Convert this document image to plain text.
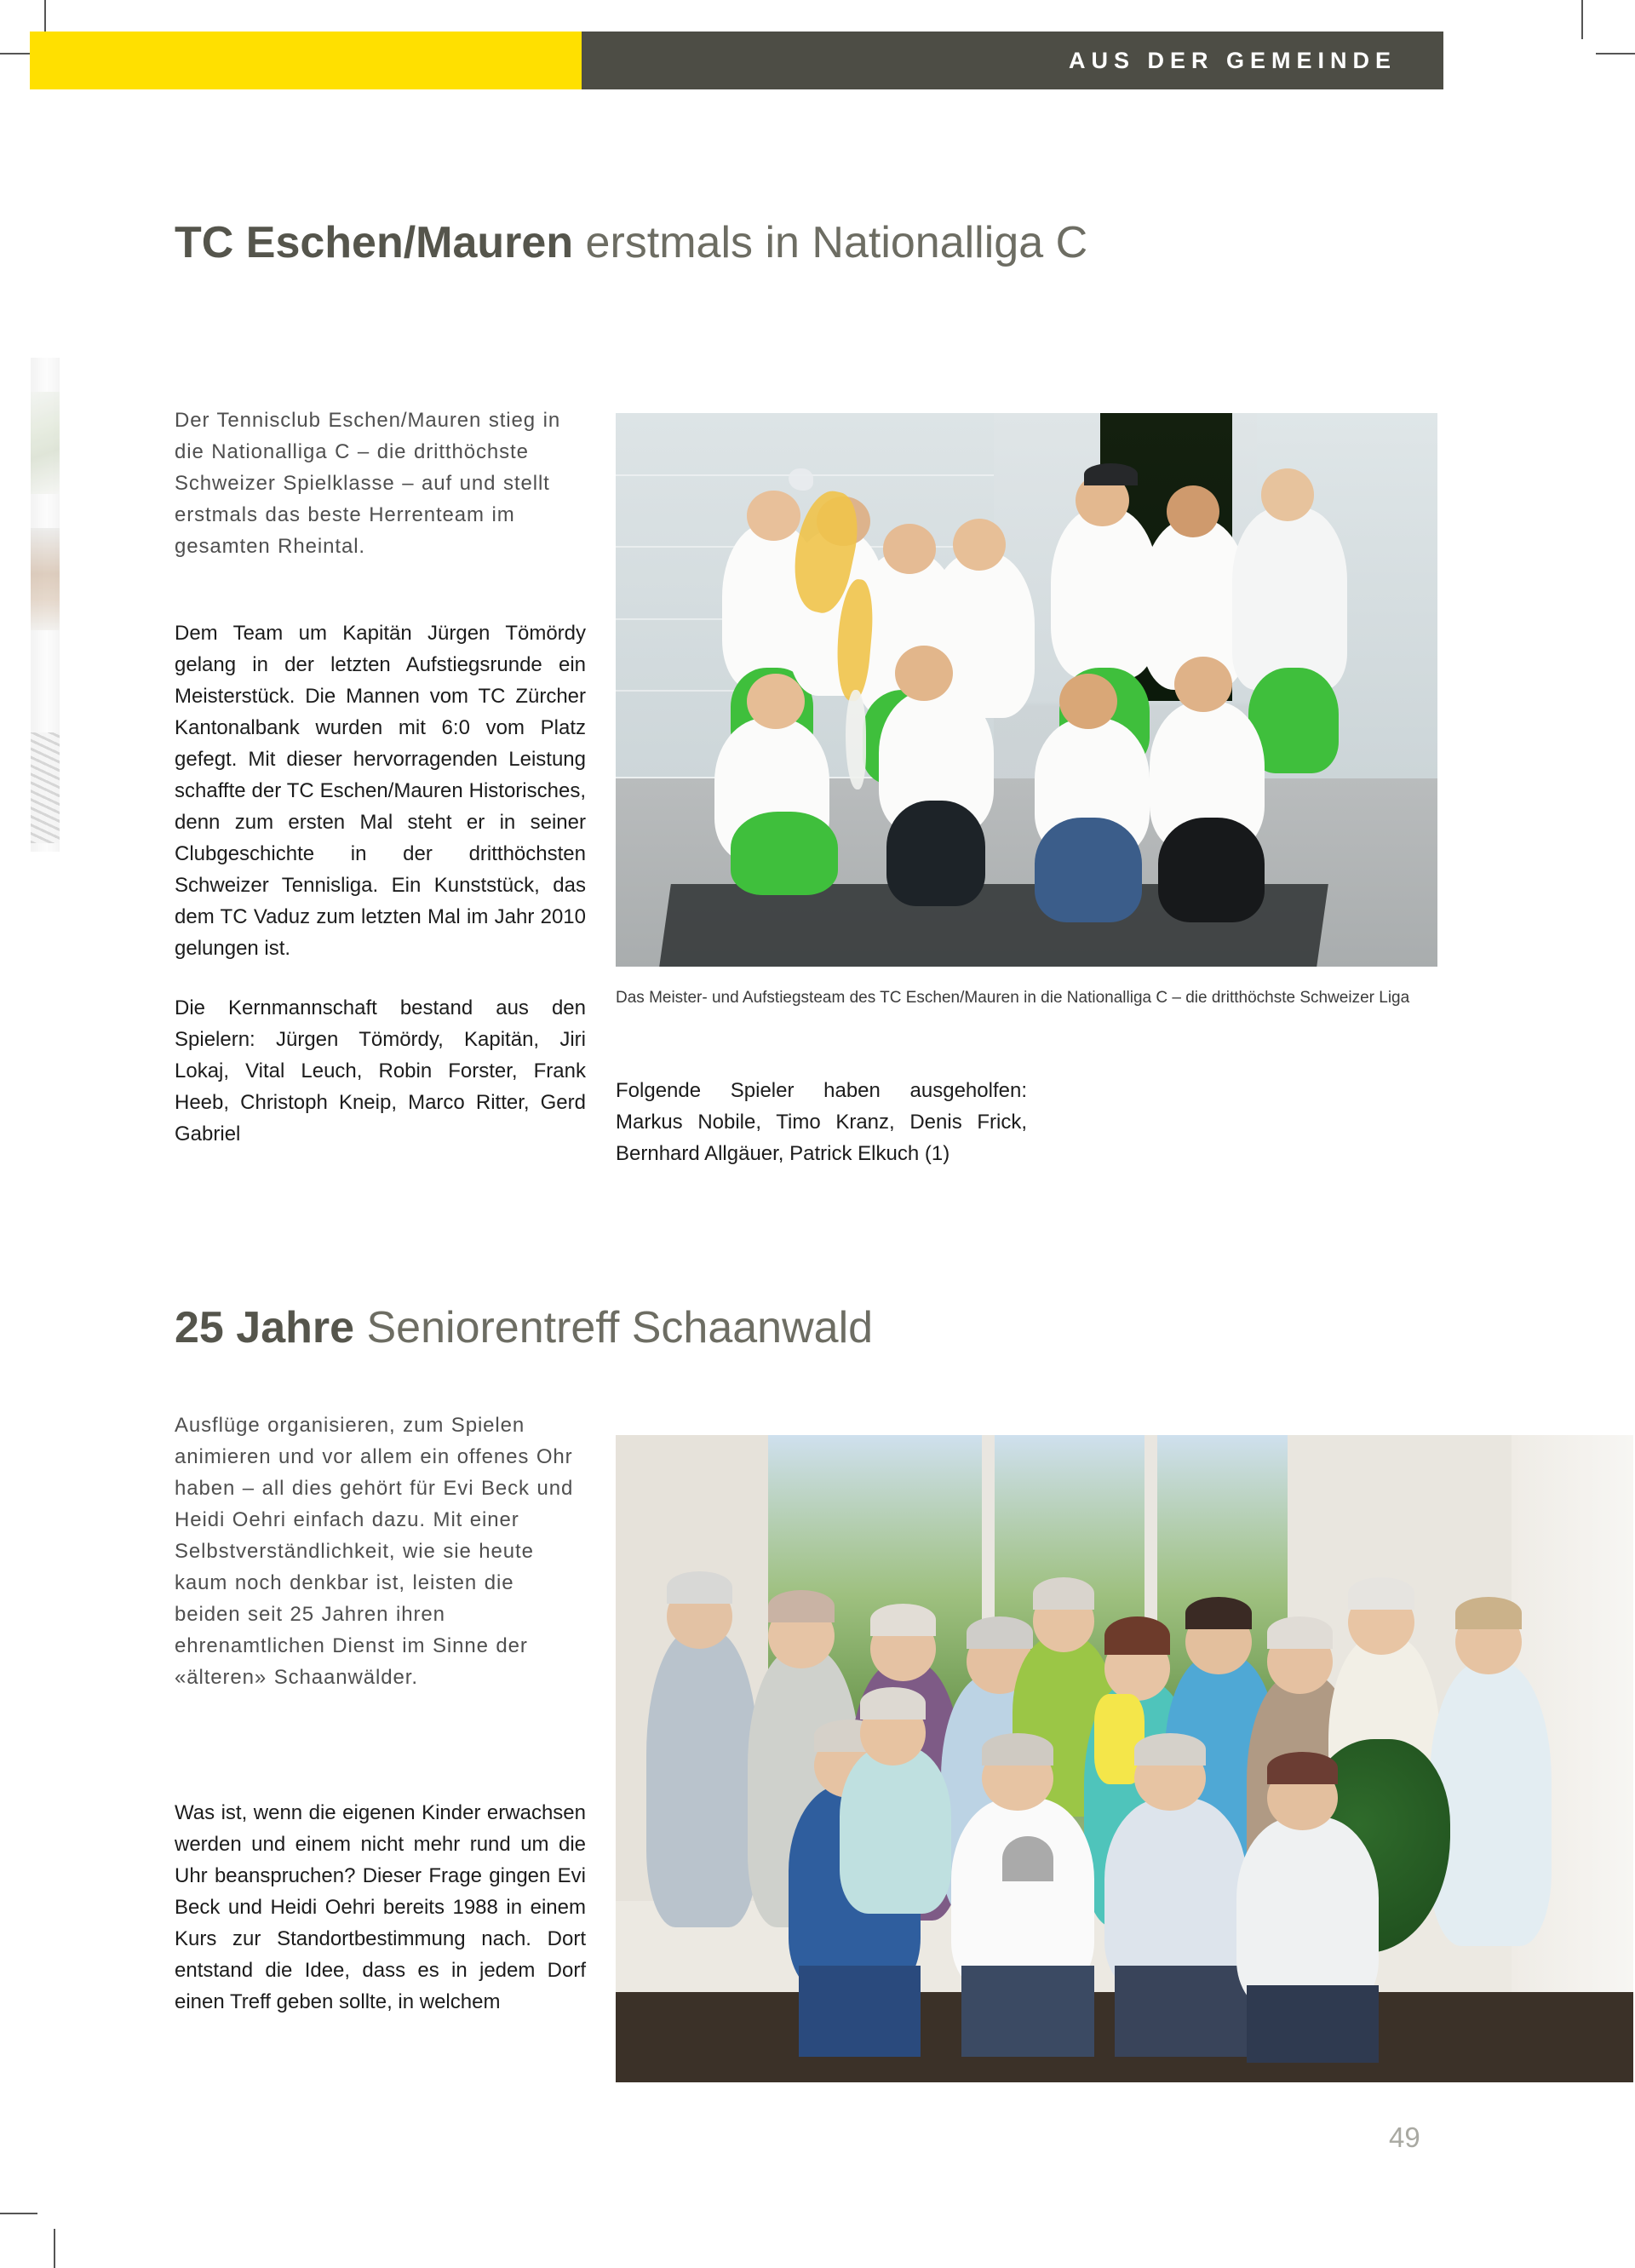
AUS DER GEMEINDE
TC Eschen/Mauren erstmals in Nationalliga C

Der Tennisclub Eschen/Mauren stieg in die Nationalliga C – die dritthöchste Schweizer Spielklasse – auf und stellt erstmals das beste Herrenteam im gesamten Rheintal.

Dem Team um Kapitän Jürgen Tömördy gelang in der letzten Aufstiegsrunde ein Meisterstück. Die Mannen vom TC Zürcher Kantonalbank wurden mit 6:0 vom Platz gefegt. Mit dieser hervorragenden Leistung schaffte der TC Eschen/Mauren Historisches, denn zum ersten Mal steht er in seiner Clubgeschichte in der dritthöchsten Schweizer Tennisliga. Ein Kunststück, das dem TC Vaduz zum letzten Mal im Jahr 2010 gelungen ist.

Die Kernmannschaft bestand aus den Spielern: Jürgen Tömördy, Kapitän, Jiri Lokaj, Vital Leuch, Robin Forster, Frank Heeb, Christoph Kneip, Marco Ritter, Gerd Gabriel

Das Meister- und Aufstiegsteam des TC Eschen/Mauren in die Nationalliga C – die dritthöchste Schweizer Liga

Folgende Spieler haben ausgeholfen: Markus Nobile, Timo Kranz, Denis Frick, Bernhard Allgäuer, Patrick Elkuch (1)

25 Jahre Seniorentreff Schaanwald

Ausflüge organisieren, zum Spielen animieren und vor allem ein offenes Ohr haben – all dies gehört für Evi Beck und Heidi Oehri einfach dazu. Mit einer Selbstverständlichkeit, wie sie heute kaum noch denkbar ist, leisten die beiden seit 25 Jahren ihren ehrenamtlichen Dienst im Sinne der «älteren» Schaanwälder.

Was ist, wenn die eigenen Kinder erwachsen werden und einem nicht mehr rund um die Uhr beanspruchen? Dieser Frage gingen Evi Beck und Heidi Oehri bereits 1988 in einem Kurs zur Standortbestimmung nach. Dort entstand die Idee, dass es in jedem Dorf einen Treff geben sollte, in welchem

49
